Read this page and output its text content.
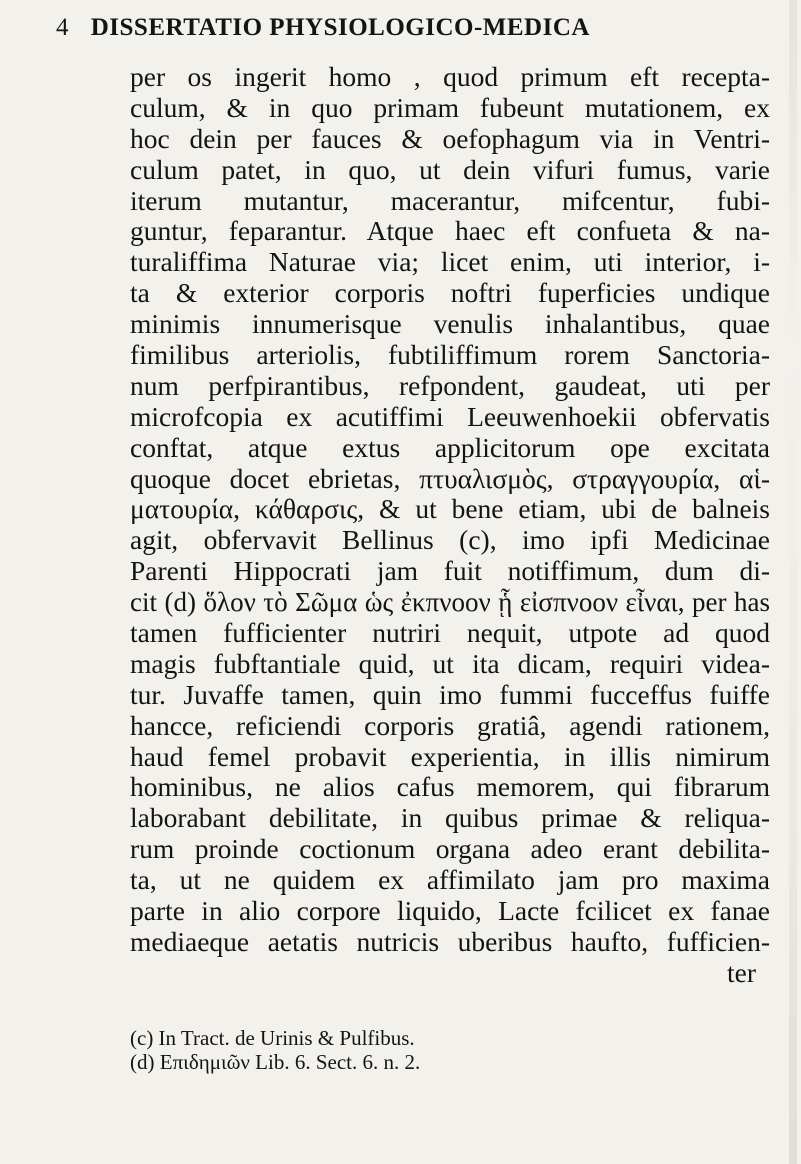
4 DISSERTATIO PHYSIOLOGICO-MEDICA
per os ingerit homo , quod primum eft recepta-
culum, & in quo primam fubeunt mutationem, ex
hoc dein per fauces & oefophagum via in Ventri-
culum patet, in quo, ut dein vifuri fumus, varie
iterum mutantur, macerantur, mifcentur, fubi-
guntur, feparantur. Atque haec eft confueta & na-
turaliffima Naturae via; licet enim, uti interior, i-
ta & exterior corporis noftri fuperficies undique
minimis innumerisque venulis inhalantibus, quae
fimilibus arteriolis, fubtiliffimum rorem Sanctoria-
num perfpirantibus, refpondent, gaudeat, uti per
microfcopia ex acutiffimi Leeuwenhoekii obfervatis
conftat, atque extus applicitorum ope excitata
quoque docet ebrietas, πτυαλισμὸς, στραγγουρία, αἱ-
ματουρία, κάθαρσις, & ut bene etiam, ubi de balneis
agit, obfervavit Bellinus (c), imo ipfi Medicinae
Parenti Hippocrati jam fuit notiffimum, dum di-
cit (d) ὅλον τὸ Σῶμα ὡς ἐκπνοον ᾗ εἰσπνοον εἶναι, per has
tamen fufficienter nutriri nequit, utpote ad quod
magis fubftantiale quid, ut ita dicam, requiri videa-
tur. Juvaffe tamen, quin imo fummi fucceffus fuiffe
hancce, reficiendi corporis gratiâ, agendi rationem,
haud femel probavit experientia, in illis nimirum
hominibus, ne alios cafus memorem, qui fibrarum
laborabant debilitate, in quibus primae & reliqua-
rum proinde coctionum organa adeo erant debilita-
ta, ut ne quidem ex affimilato jam pro maxima
parte in alio corpore liquido, Lacte fcilicet ex fanae
mediaeque aetatis nutricis uberibus haufto, fufficien-
ter
(c) In Tract. de Urinis & Pulfibus.
(d) Επιδημιῶν Lib. 6. Sect. 6. n. 2.
